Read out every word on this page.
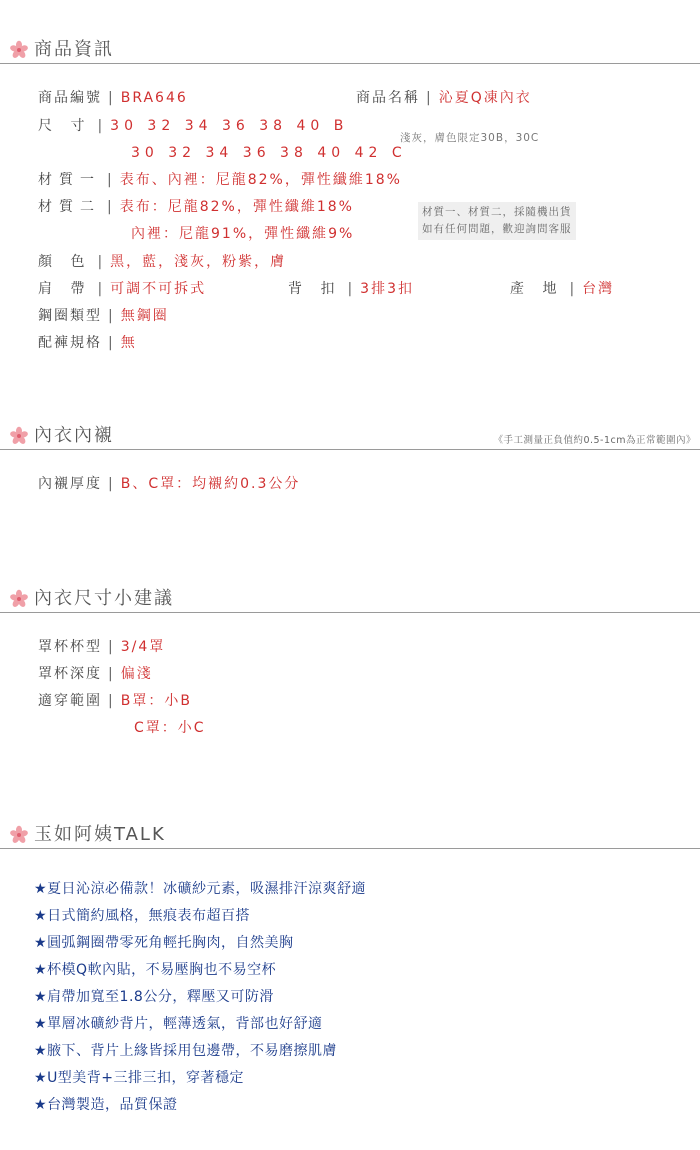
商品資訊
商品編號 | BRA646	商品名稱 | 沁夏Q凍內衣
尺 寸 | 30 32 34 36 38 40 B
30 32 34 36 38 40 42 C
淺灰，膚色限定30B，30C
材質一 | 表布、內裡：尼龍82%，彈性纖維18%
材質二 | 表布：尼龍82%，彈性纖維18%
內裡：尼龍91%，彈性纖維9%
材質一、材質二，採隨機出貨
如有任何問題，歡迎詢問客服
顏 色 | 黑，藍，淺灰，粉紫，膚
肩 帶 | 可調不可拆式	背 扣 | 3排3扣	產 地 | 台灣
鋼圈類型 | 無鋼圈
配褲規格 | 無
內衣內襯	《手工測量正負值約0.5-1cm為正常範圍內》
內襯厚度 | B、C罩：均襯約0.3公分
內衣尺寸小建議
罩杯杯型 | 3/4罩
罩杯深度 | 偏淺
適穿範圍 | B罩：小B
C罩：小C
玉如阿姨TALK
★夏日沁涼必備款！冰礦紗元素，吸濕排汗涼爽舒適
★日式簡約風格，無痕表布超百搭
★圓弧鋼圈帶零死角輕托胸肉，自然美胸
★杯模Q軟內貼，不易壓胸也不易空杯
★肩帶加寬至1.8公分，釋壓又可防滑
★單層冰礦紗背片，輕薄透氣，背部也好舒適
★腋下、背片上緣皆採用包邊帶，不易磨擦肌膚
★U型美背+三排三扣，穿著穩定
★台灣製造，品質保證
